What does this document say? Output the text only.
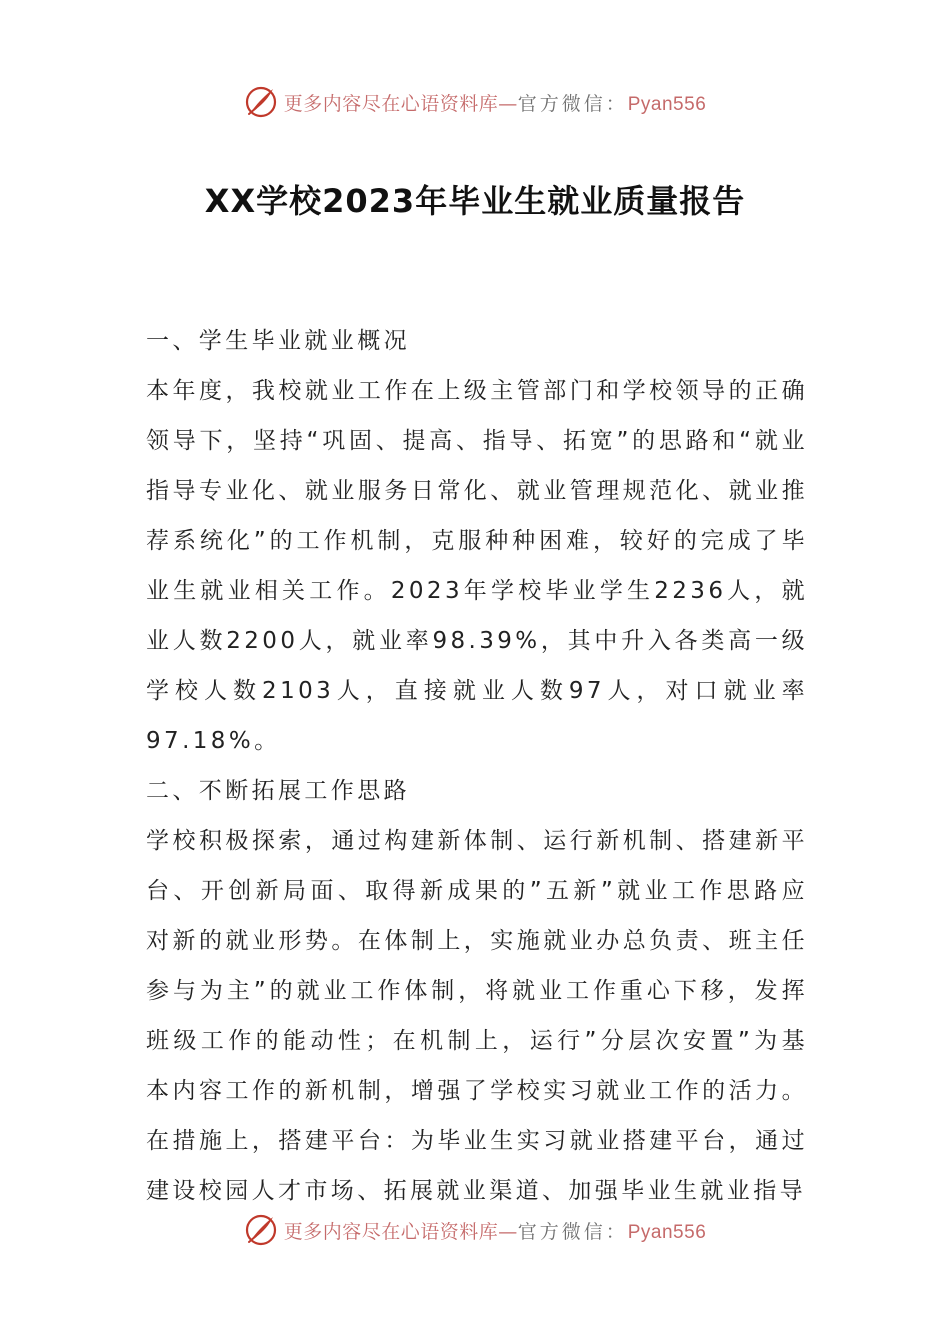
更多内容尽在心语资料库—官方微信：Pyan556
XX学校2023年毕业生就业质量报告

一、学生毕业就业概况

本年度，我校就业工作在上级主管部门和学校领导的正确领导下，坚持“巩固、提高、指导、拓宽”的思路和“就业指导专业化、就业服务日常化、就业管理规范化、就业推荐系统化”的工作机制，克服种种困难，较好的完成了毕业生就业相关工作。2023年学校毕业学生2236人，就业人数2200人，就业率98.39%，其中升入各类高一级学校人数2103人，直接就业人数97人，对口就业率97.18%。

二、不断拓展工作思路

学校积极探索，通过构建新体制、运行新机制、搭建新平台、开创新局面、取得新成果的”五新”就业工作思路应对新的就业形势。在体制上，实施就业办总负责、班主任参与为主”的就业工作体制，将就业工作重心下移，发挥班级工作的能动性；在机制上，运行”分层次安置”为基本内容工作的新机制，增强了学校实习就业工作的活力。在措施上，搭建平台：为毕业生实习就业搭建平台，通过建设校园人才市场、拓展就业渠道、加强毕业生就业指导

更多内容尽在心语资料库—官方微信：Pyan556
